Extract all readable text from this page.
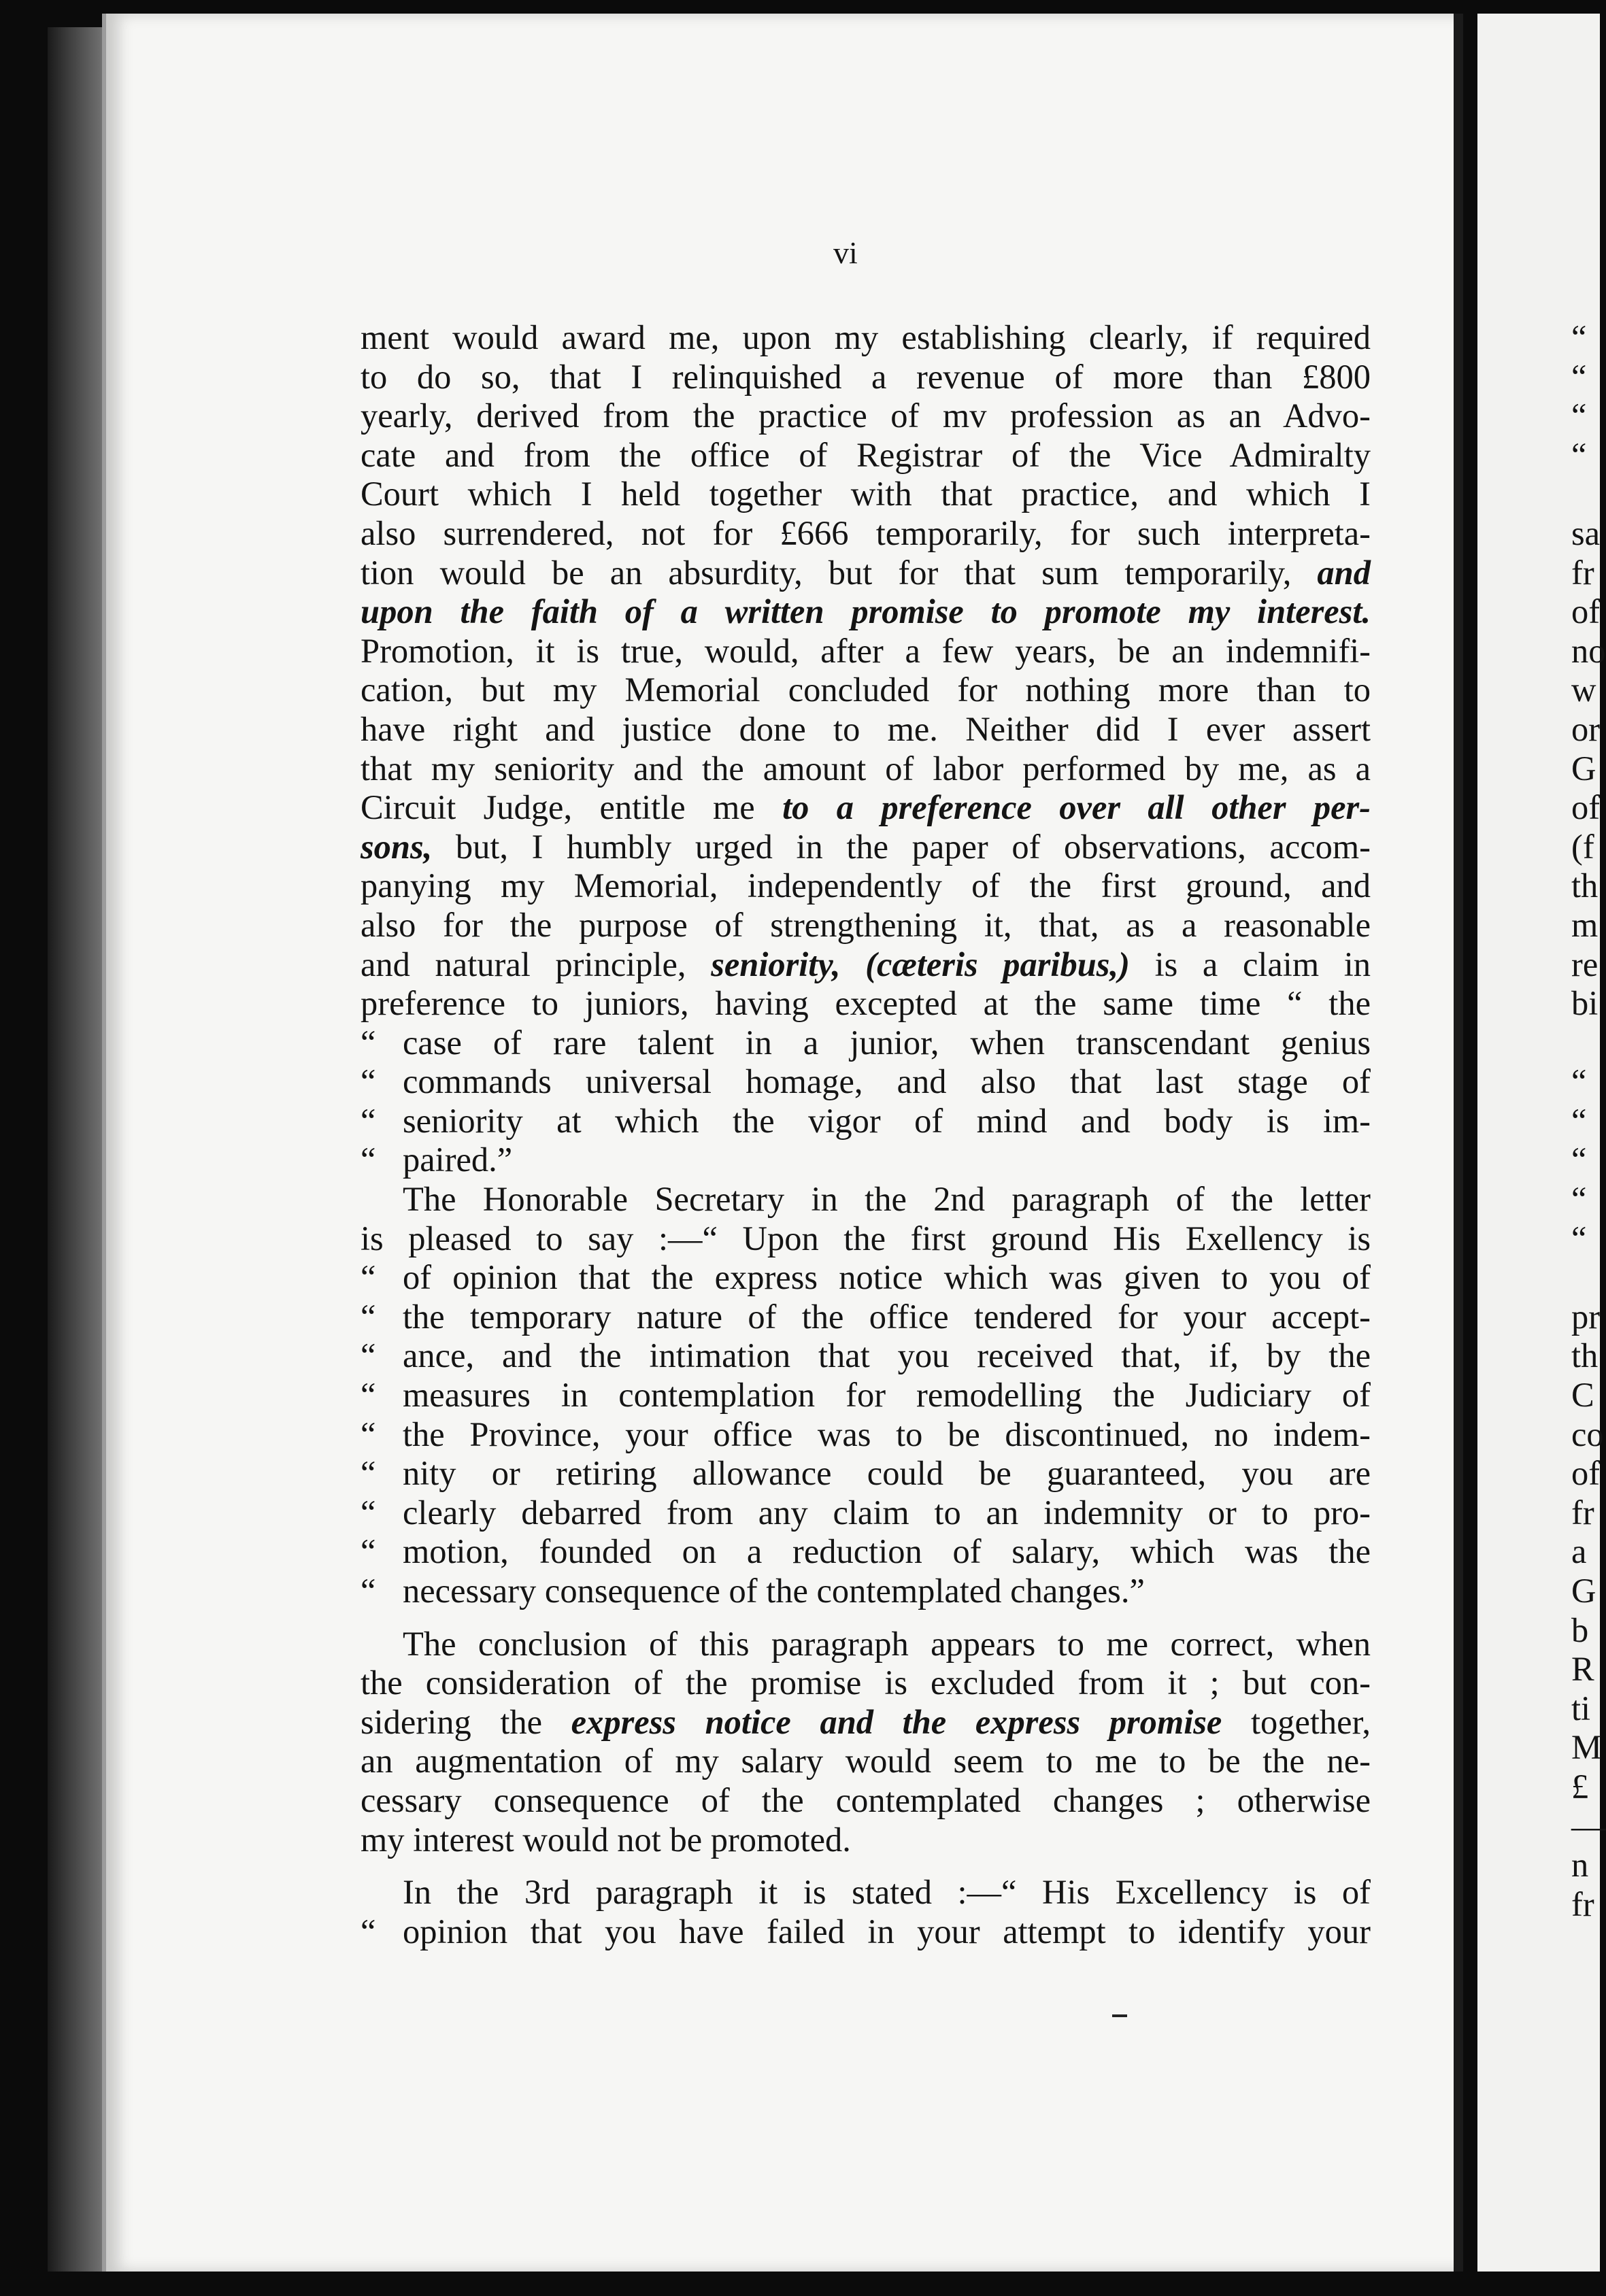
vi

ment would award me, upon my establishing clearly, if required
to do so, that I relinquished a revenue of more than £800
yearly, derived from the practice of mv profession as an Advo-
cate and from the office of Registrar of the Vice Admiralty
Court which I held together with that practice, and which I
also surrendered, not for £666 temporarily, for such interpreta-
tion would be an absurdity, but for that sum temporarily, and
upon the faith of a written promise to promote my interest.
Promotion, it is true, would, after a few years, be an indemnifi-
cation, but my Memorial concluded for nothing more than to
have right and justice done to me. Neither did I ever assert
that my seniority and the amount of labor performed by me, as a
Circuit Judge, entitle me to a preference over all other per-
sons, but, I humbly urged in the paper of observations, accom-
panying my Memorial, independently of the first ground, and
also for the purpose of strengthening it, that, as a reasonable
and natural principle, seniority, (cæteris paribus,) is a claim in
preference to juniors, having excepted at the same time “ the
“ case of rare talent in a junior, when transcendant genius
“ commands universal homage, and also that last stage of
“ seniority at which the vigor of mind and body is im-
“ paired.”

The Honorable Secretary in the 2nd paragraph of the letter
is pleased to say :—“ Upon the first ground His Exellency is
“ of opinion that the express notice which was given to you of
“ the temporary nature of the office tendered for your accept-
“ ance, and the intimation that you received that, if, by the
“ measures in contemplation for remodelling the Judiciary of
“ the Province, your office was to be discontinued, no indem-
“ nity or retiring allowance could be guaranteed, you are
“ clearly debarred from any claim to an indemnity or to pro-
“ motion, founded on a reduction of salary, which was the
“ necessary consequence of the contemplated changes.”

The conclusion of this paragraph appears to me correct, when
the consideration of the promise is excluded from it ; but con-
sidering the express notice and the express promise together,
an augmentation of my salary would seem to me to be the ne-
cessary consequence of the contemplated changes ; otherwise
my interest would not be promoted.

In the 3rd paragraph it is stated :—“ His Excellency is of
“ opinion that you have failed in your attempt to identify your

“
“
“
“
sa
fr
of
no
w
or
G
of
(f
th
m
re
bi
“
“
“
“
“
pr
th
C
co
of
fr
a
G
b
R
ti
M
£
—
n
fr
